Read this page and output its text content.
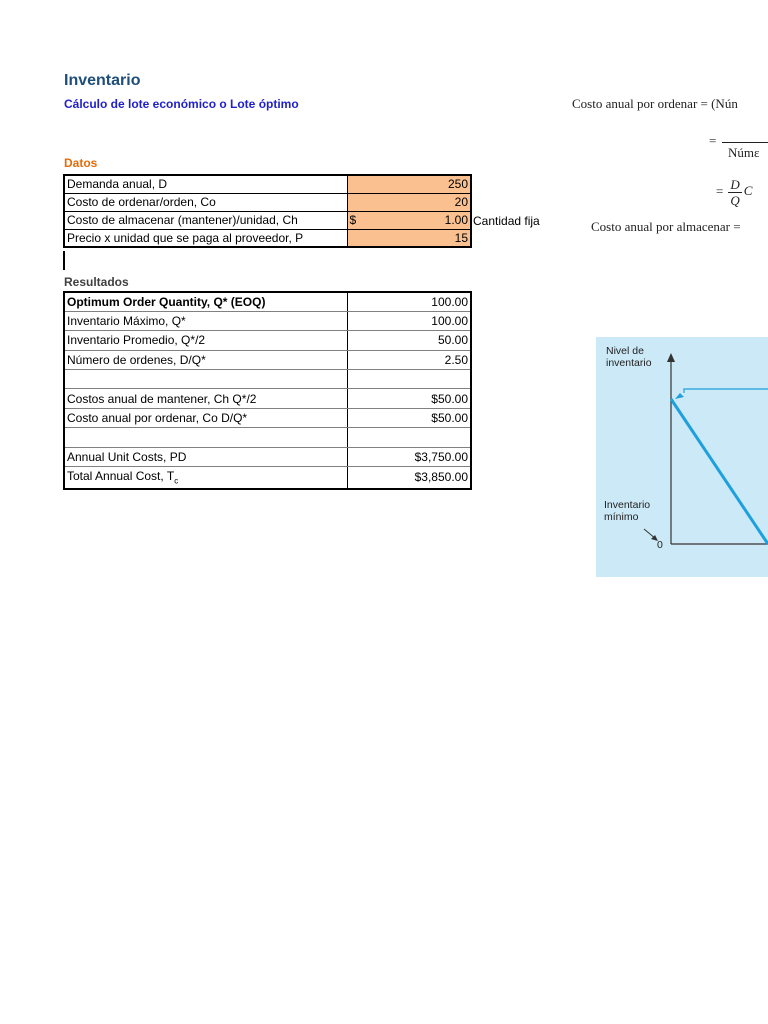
Inventario
Cálculo de lote económico o Lote óptimo
Datos
Demanda anual, D	250
Costo de ordenar/orden, Co	20
Costo de almacenar (mantener)/unidad, Ch	$ 1.00
Precio x unidad que se paga al proveedor, P	15
Cantidad fija
Resultados
Optimum Order Quantity, Q* (EOQ)	100.00
Inventario Máximo, Q*	100.00
Inventario Promedio, Q*/2	50.00
Número de ordenes, D/Q*	2.50

Costos anual de mantener, Ch Q*/2	$50.00
Costo anual por ordenar, Co D/Q*	$50.00

Annual Unit Costs, PD	$3,750.00
Total Annual Cost, $T_c$	$3,850.00
Costo anual por ordenar = (Nún
=
Númε
= $\frac{D}{Q}$ C
Costo anual por almacenar =
Nivel de
inventario
Inventario
mínimo
0
